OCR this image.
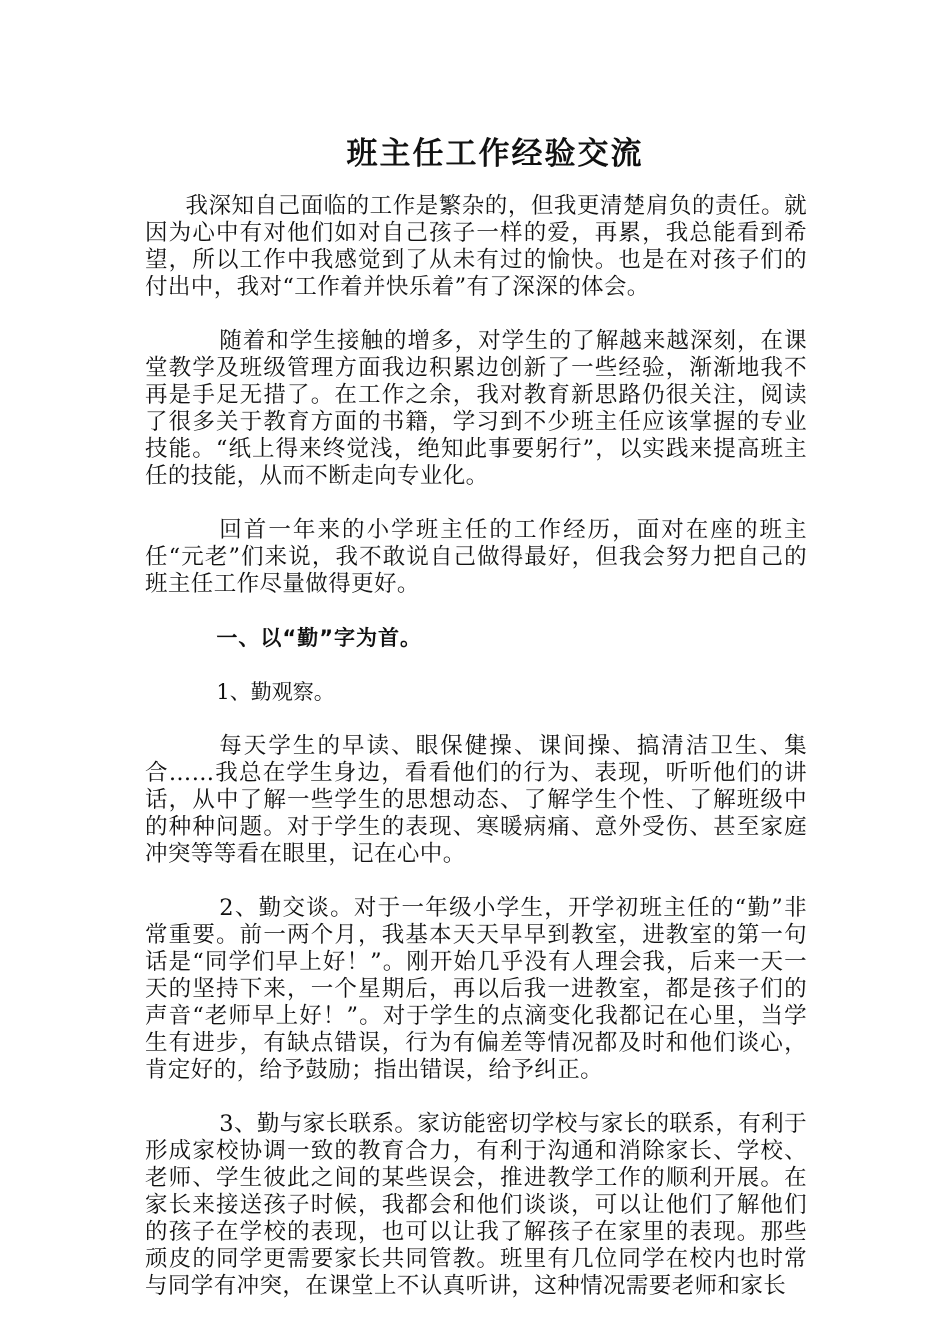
班主任工作经验交流

我深知自己面临的工作是繁杂的，但我更清楚肩负的责任。就因为心中有对他们如对自己孩子一样的爱，再累，我总能看到希望，所以工作中我感觉到了从未有过的愉快。也是在对孩子们的付出中，我对“工作着并快乐着”有了深深的体会。

随着和学生接触的增多，对学生的了解越来越深刻，在课堂教学及班级管理方面我边积累边创新了一些经验，渐渐地我不再是手足无措了。在工作之余，我对教育新思路仍很关注，阅读了很多关于教育方面的书籍，学习到不少班主任应该掌握的专业技能。“纸上得来终觉浅，绝知此事要躬行”，以实践来提高班主任的技能，从而不断走向专业化。

回首一年来的小学班主任的工作经历，面对在座的班主任“元老”们来说，我不敢说自己做得最好，但我会努力把自己的班主任工作尽量做得更好。

一、以“勤”字为首。

1、勤观察。

每天学生的早读、眼保健操、课间操、搞清洁卫生、集合……我总在学生身边，看看他们的行为、表现，听听他们的讲话，从中了解一些学生的思想动态、了解学生个性、了解班级中的种种问题。对于学生的表现、寒暖病痛、意外受伤、甚至家庭冲突等等看在眼里，记在心中。

2、勤交谈。对于一年级小学生，开学初班主任的“勤”非常重要。前一两个月，我基本天天早早到教室，进教室的第一句话是“同学们早上好！”。刚开始几乎没有人理会我，后来一天一天的坚持下来，一个星期后，再以后我一进教室，都是孩子们的声音“老师早上好！”。对于学生的点滴变化我都记在心里，当学生有进步，有缺点错误，行为有偏差等情况都及时和他们谈心，肯定好的，给予鼓励；指出错误，给予纠正。

3、勤与家长联系。家访能密切学校与家长的联系，有利于形成家校协调一致的教育合力，有利于沟通和消除家长、学校、老师、学生彼此之间的某些误会，推进教学工作的顺利开展。在家长来接送孩子时候，我都会和他们谈谈，可以让他们了解他们的孩子在学校的表现，也可以让我了解孩子在家里的表现。那些顽皮的同学更需要家长共同管教。班里有几位同学在校内也时常与同学有冲突，在课堂上不认真听讲，这种情况需要老师和家长
